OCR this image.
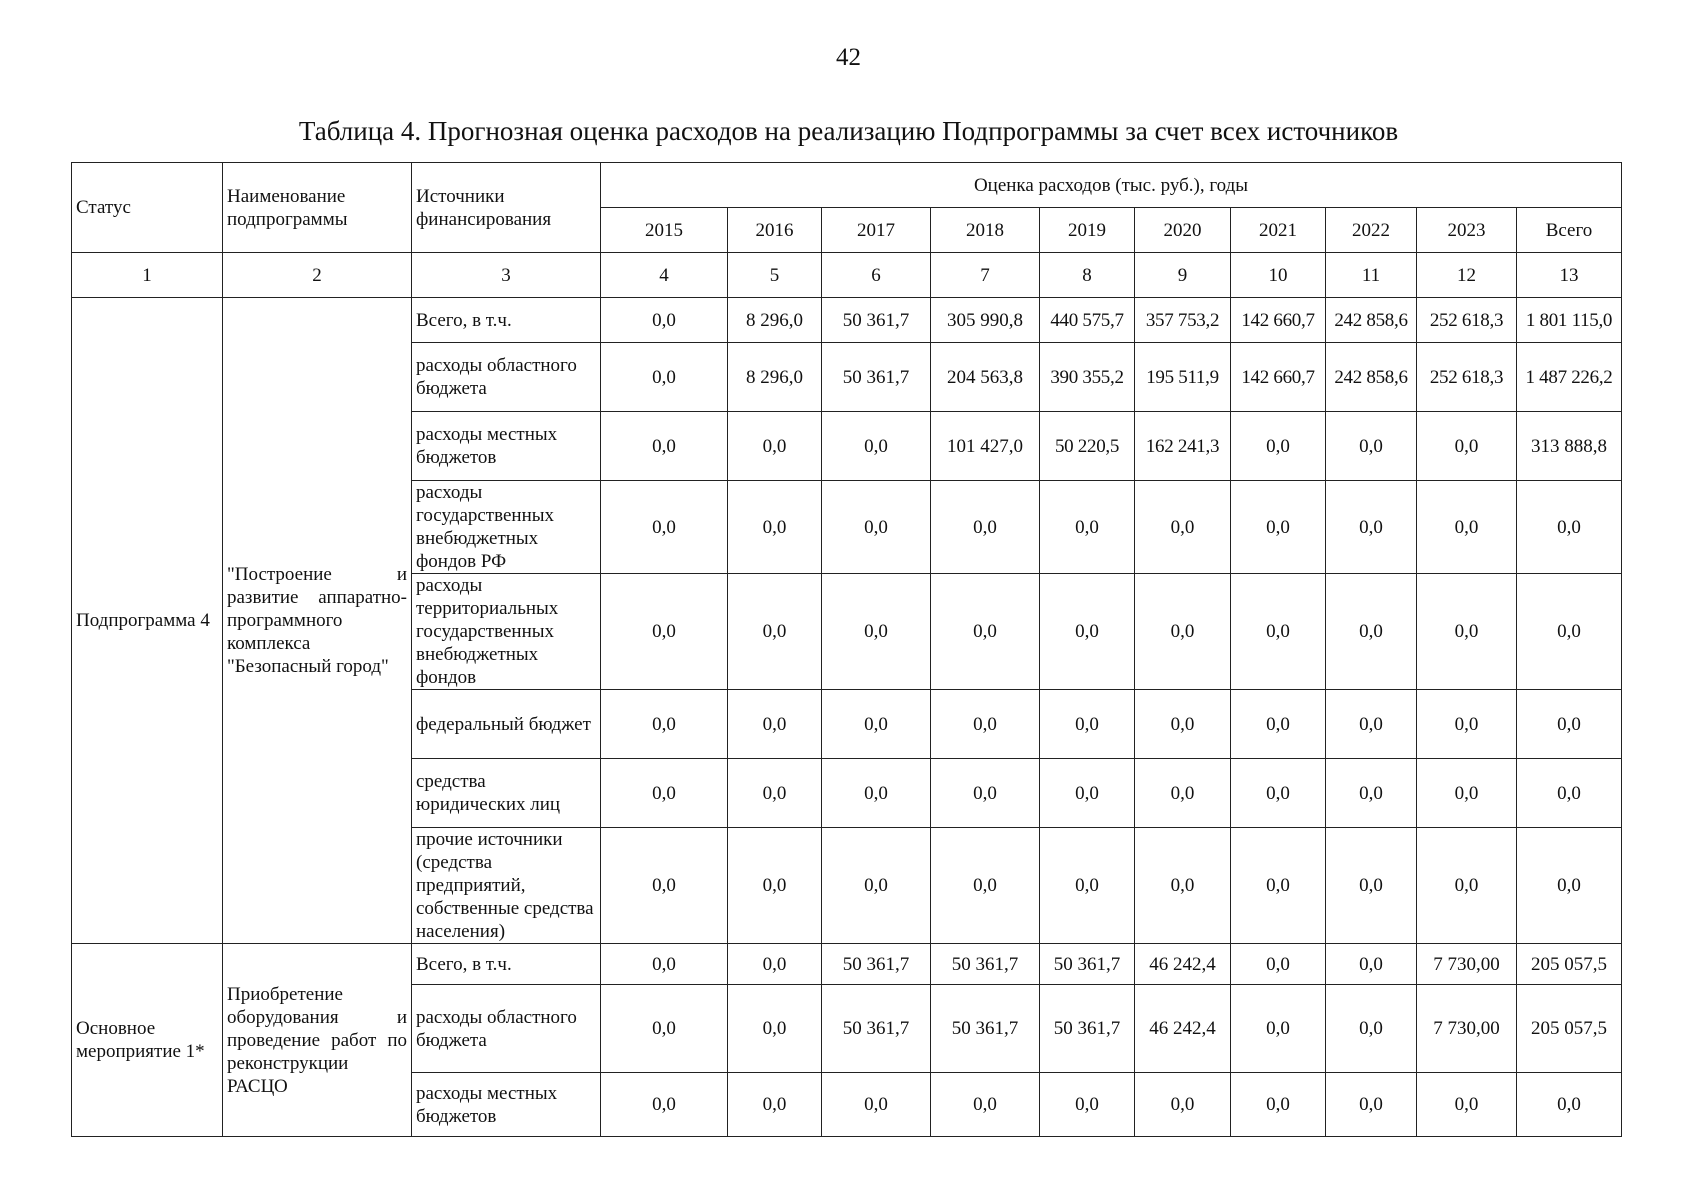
42
Таблица 4. Прогнозная оценка расходов на реализацию Подпрограммы за счет всех источников
Статус	Наименование подпрограммы	Источники финансирования	Оценка расходов (тыс. руб.), годы									
			2015	2016	2017	2018	2019	2020	2021	2022	2023	Всего
1	2	3	4	5	6	7	8	9	10	11	12	13
Подпрограмма 4	"Построение и развитие аппаратно-программного комплекса "Безопасный город"	Всего, в т.ч.	0,0	8 296,0	50 361,7	305 990,8	440 575,7	357 753,2	142 660,7	242 858,6	252 618,3	1 801 115,0
		расходы областного бюджета	0,0	8 296,0	50 361,7	204 563,8	390 355,2	195 511,9	142 660,7	242 858,6	252 618,3	1 487 226,2
		расходы местных бюджетов	0,0	0,0	0,0	101 427,0	50 220,5	162 241,3	0,0	0,0	0,0	313 888,8
		расходы государственных внебюджетных фондов РФ	0,0	0,0	0,0	0,0	0,0	0,0	0,0	0,0	0,0	0,0
		расходы территориальных государственных внебюджетных фондов	0,0	0,0	0,0	0,0	0,0	0,0	0,0	0,0	0,0	0,0
		федеральный бюджет	0,0	0,0	0,0	0,0	0,0	0,0	0,0	0,0	0,0	0,0
		средства юридических лиц	0,0	0,0	0,0	0,0	0,0	0,0	0,0	0,0	0,0	0,0
		прочие источники (средства предприятий, собственные средства населения)	0,0	0,0	0,0	0,0	0,0	0,0	0,0	0,0	0,0	0,0
Основное мероприятие 1*	Приобретение оборудования и проведение работ по реконструкции РАСЦО	Всего, в т.ч.	0,0	0,0	50 361,7	50 361,7	50 361,7	46 242,4	0,0	0,0	7 730,00	205 057,5
		расходы областного бюджета	0,0	0,0	50 361,7	50 361,7	50 361,7	46 242,4	0,0	0,0	7 730,00	205 057,5
		расходы местных бюджетов	0,0	0,0	0,0	0,0	0,0	0,0	0,0	0,0	0,0	0,0
